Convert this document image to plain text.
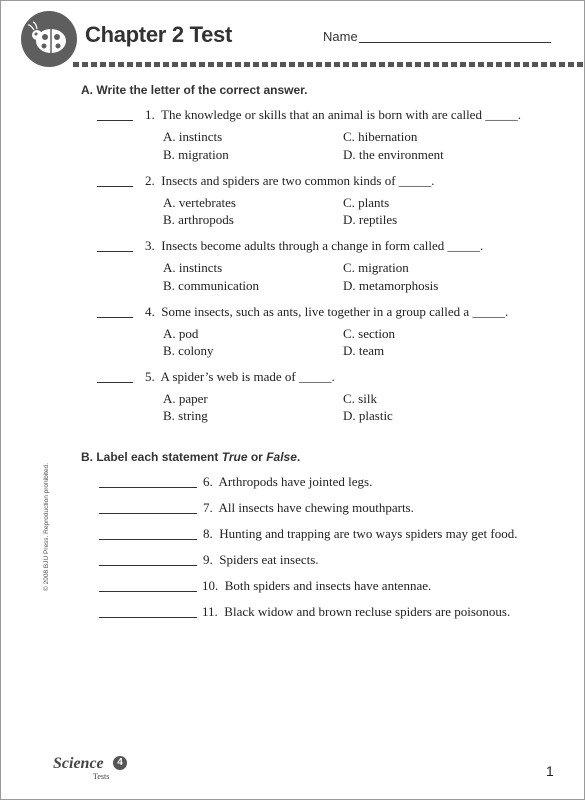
Chapter 2 Test	Name
A. Write the letter of the correct answer.
1. The knowledge or skills that an animal is born with are called _____.
A. instincts
B. migration
C. hibernation
D. the environment
2. Insects and spiders are two common kinds of _____.
A. vertebrates
B. arthropods
C. plants
D. reptiles
3. Insects become adults through a change in form called _____.
A. instincts
B. communication
C. migration
D. metamorphosis
4. Some insects, such as ants, live together in a group called a _____.
A. pod
B. colony
C. section
D. team
5. A spider’s web is made of _____.
A. paper
B. string
C. silk
D. plastic
B. Label each statement True or False.
6. Arthropods have jointed legs.
7. All insects have chewing mouthparts.
8. Hunting and trapping are two ways spiders may get food.
9. Spiders eat insects.
10. Both spiders and insects have antennae.
11. Black widow and brown recluse spiders are poisonous.
© 2008 BJU Press. Reproduction prohibited.
Science	4
Tests	1
